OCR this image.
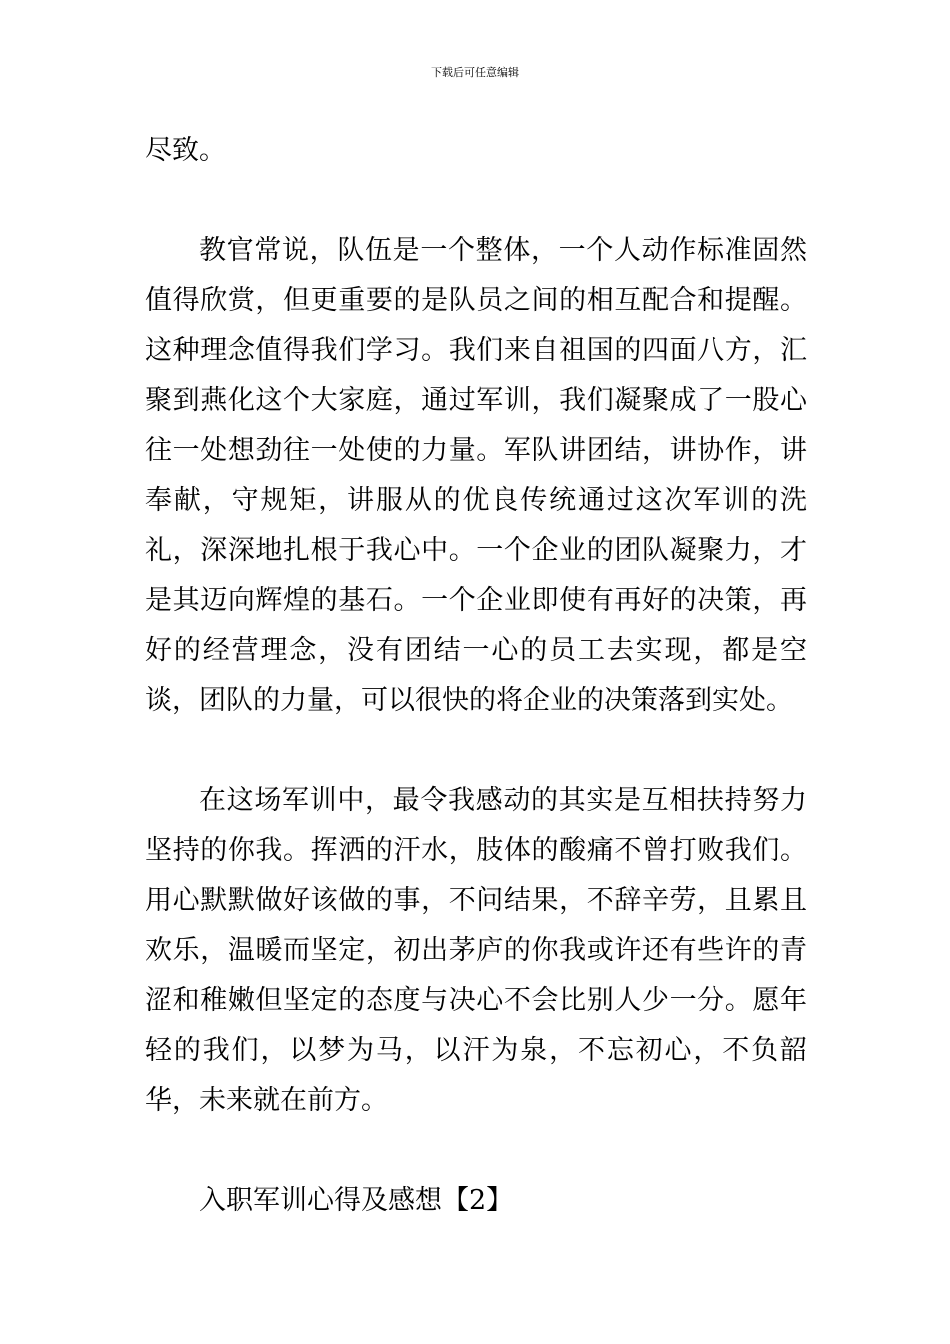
下载后可任意编辑

尽致。

教官常说，队伍是一个整体，一个人动作标准固然值得欣赏，但更重要的是队员之间的相互配合和提醒。这种理念值得我们学习。我们来自祖国的四面八方，汇聚到燕化这个大家庭，通过军训，我们凝聚成了一股心往一处想劲往一处使的力量。军队讲团结，讲协作，讲奉献，守规矩，讲服从的优良传统通过这次军训的洗礼，深深地扎根于我心中。一个企业的团队凝聚力，才是其迈向辉煌的基石。一个企业即使有再好的决策，再好的经营理念，没有团结一心的员工去实现，都是空谈，团队的力量，可以很快的将企业的决策落到实处。

在这场军训中，最令我感动的其实是互相扶持努力坚持的你我。挥洒的汗水，肢体的酸痛不曾打败我们。用心默默做好该做的事，不问结果，不辞辛劳，且累且欢乐，温暖而坚定，初出茅庐的你我或许还有些许的青涩和稚嫩但坚定的态度与决心不会比别人少一分。愿年轻的我们，以梦为马，以汗为泉，不忘初心，不负韶华，未来就在前方。

入职军训心得及感想【2】
